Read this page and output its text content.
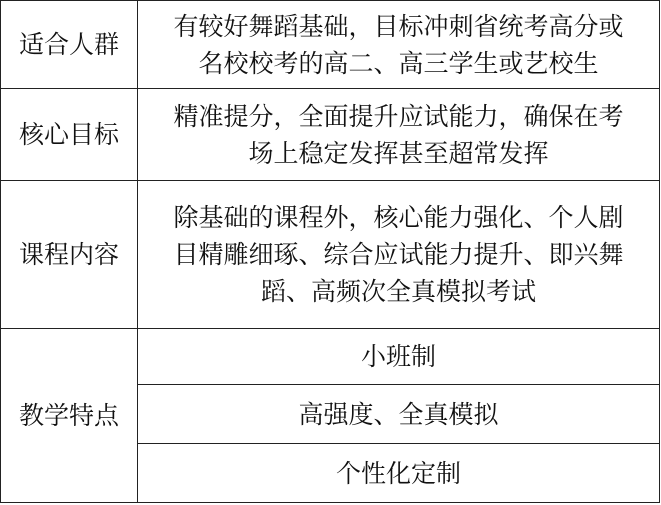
适合人群	有较好舞蹈基础，目标冲刺省统考高分或
名校校考的高二、高三学生或艺校生
核心目标	精准提分，全面提升应试能力，确保在考
场上稳定发挥甚至超常发挥
课程内容	除基础的课程外，核心能力强化、个人剧
目精雕细琢、综合应试能力提升、即兴舞
蹈、高频次全真模拟考试
教学特点	小班制
	高强度、全真模拟
	个性化定制
